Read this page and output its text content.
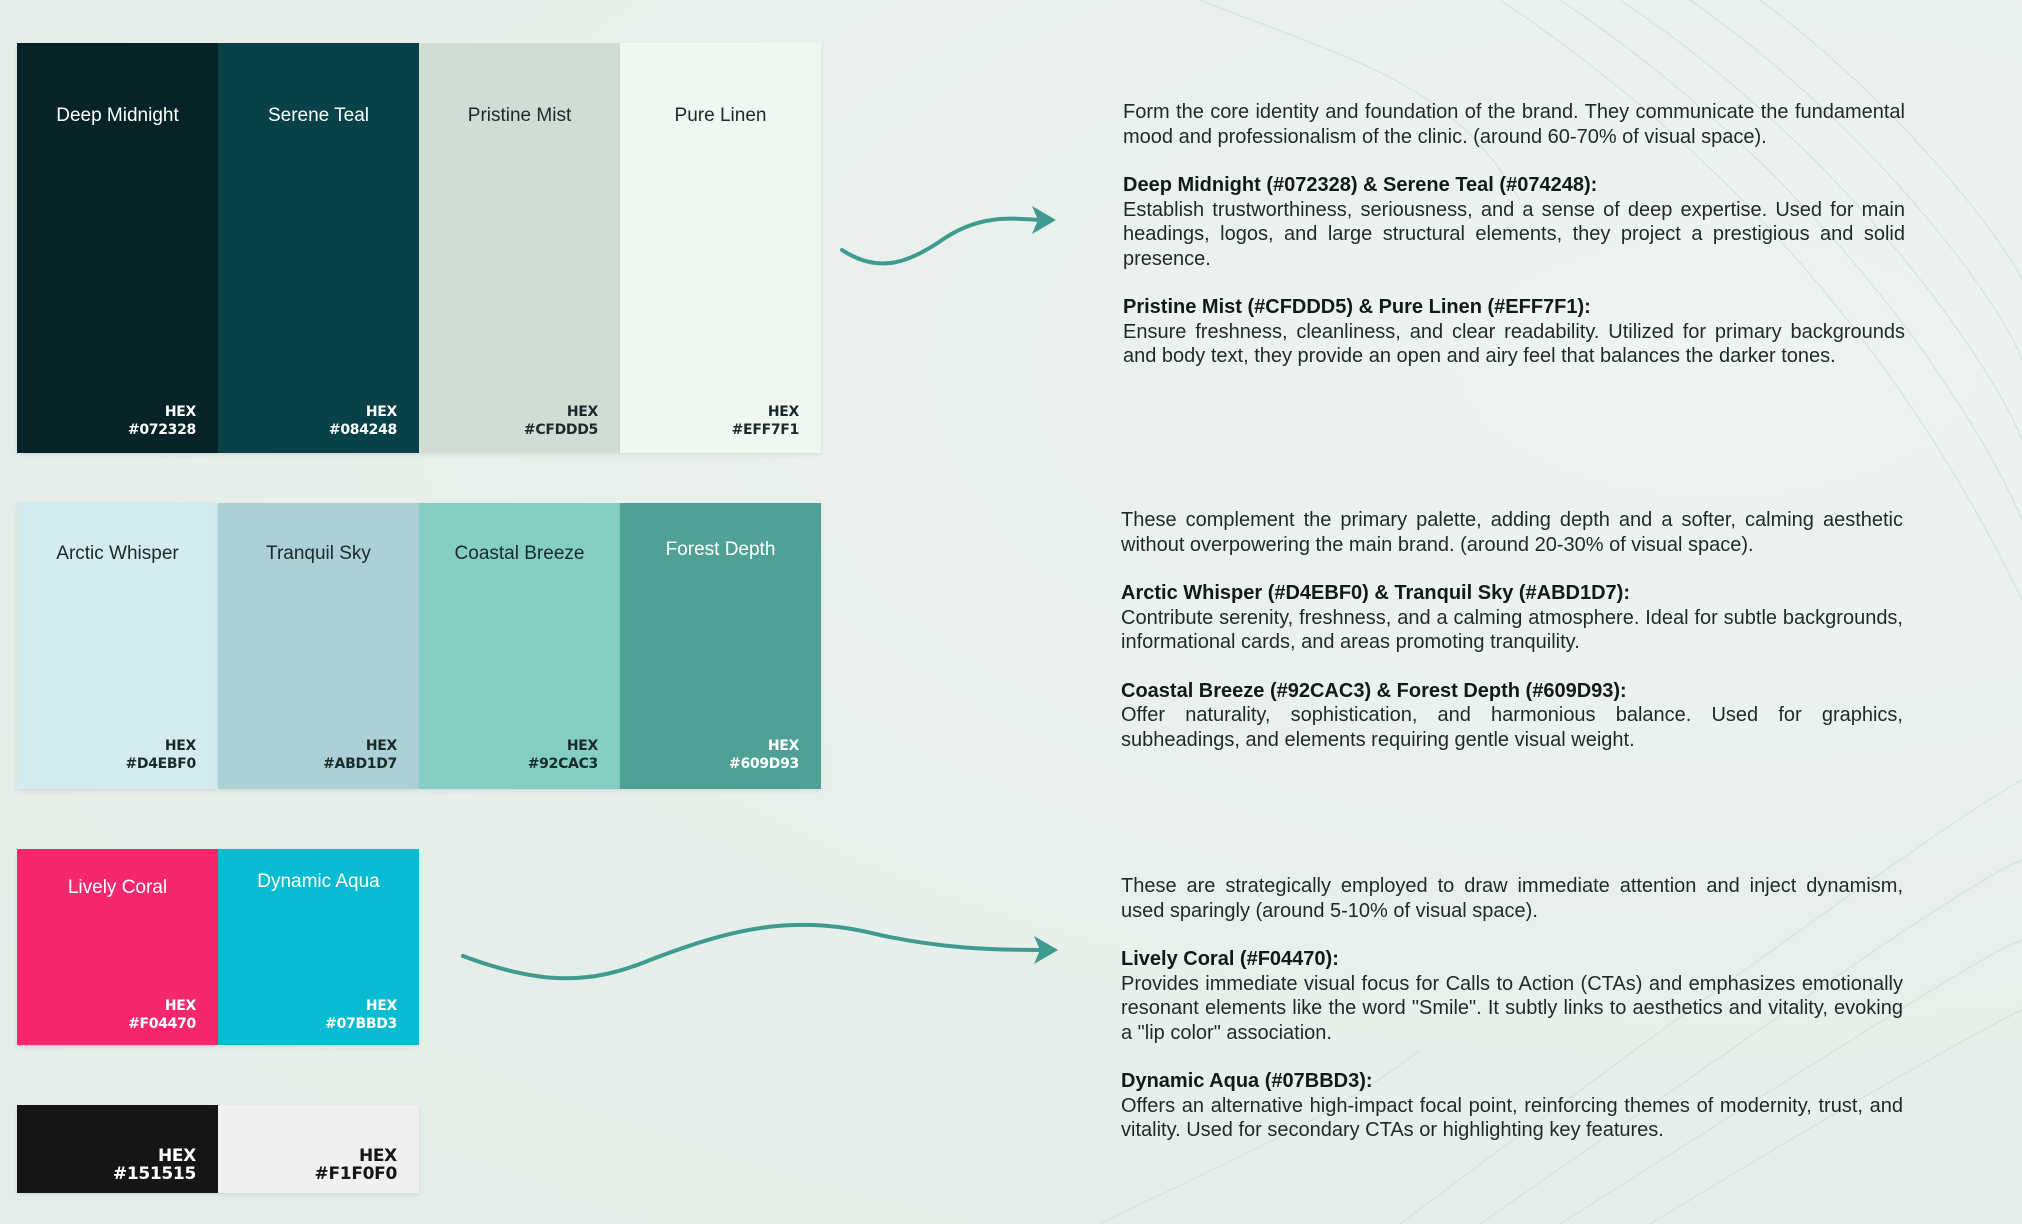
Deep Midnight
HEX
#072328
Serene Teal
HEX
#084248
Pristine Mist
HEX
#CFDDD5
Pure Linen
HEX
#EFF7F1
Arctic Whisper
HEX
#D4EBF0
Tranquil Sky
HEX
#ABD1D7
Coastal Breeze
HEX
#92CAC3
Forest Depth
HEX
#609D93
Lively Coral
HEX
#F04470
Dynamic Aqua
HEX
#07BBD3
HEX
#151515
HEX
#F1F0F0

Form the core identity and foundation of the brand. They communicate the fundamental mood and professionalism of the clinic. (around 60-70% of visual space).

Deep Midnight (#072328) & Serene Teal (#074248):
Establish trustworthiness, seriousness, and a sense of deep expertise. Used for main headings, logos, and large structural elements, they project a prestigious and solid presence.

Pristine Mist (#CFDDD5) & Pure Linen (#EFF7F1):
Ensure freshness, cleanliness, and clear readability. Utilized for primary backgrounds and body text, they provide an open and airy feel that balances the darker tones.

These complement the primary palette, adding depth and a softer, calming aesthetic without overpowering the main brand. (around 20-30% of visual space).

Arctic Whisper (#D4EBF0) & Tranquil Sky (#ABD1D7):
Contribute serenity, freshness, and a calming atmosphere. Ideal for subtle backgrounds, informational cards, and areas promoting tranquility.

Coastal Breeze (#92CAC3) & Forest Depth (#609D93):
Offer naturality, sophistication, and harmonious balance. Used for graphics, subheadings, and elements requiring gentle visual weight.

These are strategically employed to draw immediate attention and inject dynamism, used sparingly (around 5-10% of visual space).

Lively Coral (#F04470):
Provides immediate visual focus for Calls to Action (CTAs) and emphasizes emotionally resonant elements like the word "Smile". It subtly links to aesthetics and vitality, evoking a "lip color" association.

Dynamic Aqua (#07BBD3):
Offers an alternative high-impact focal point, reinforcing themes of modernity, trust, and vitality. Used for secondary CTAs or highlighting key features.
